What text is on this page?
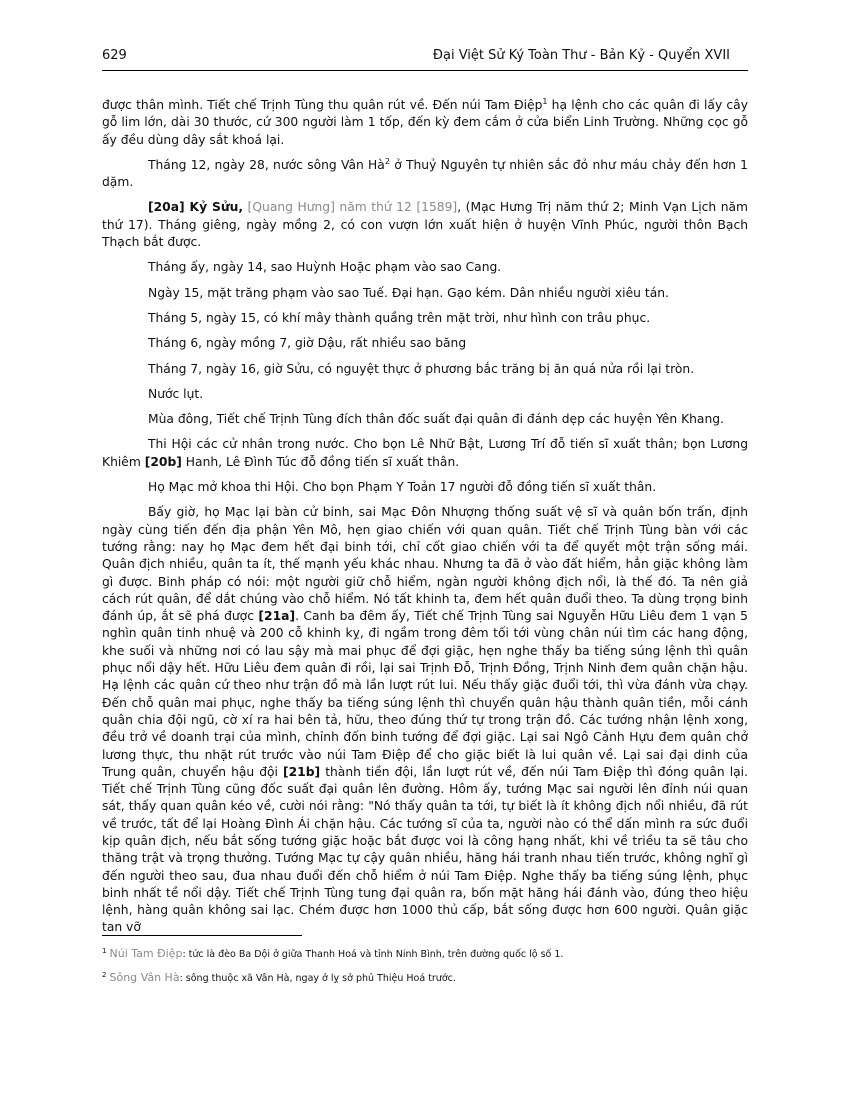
629	Đại Việt Sử Ký Toàn Thư - Bản Kỷ - Quyển XVII

được thân mình. Tiết chế Trịnh Tùng thu quân rút về. Đến núi Tam Điệp$^1$ hạ lệnh cho các quân đi lấy cây gỗ lim lớn, dài 30 thước, cứ 300 người làm 1 tốp, đến kỳ đem cắm ở cửa biển Linh Trường. Những cọc gỗ ấy đều dùng dây sắt khoá lại.

Tháng 12, ngày 28, nước sông Vân $Hà^2$ ở Thuỷ Nguyên tự nhiên sắc đỏ như máu chảy đến hơn 1 dặm.

[20a] Kỷ Sửu, [Quang Hưng] năm thứ 12 [1589], (Mạc Hưng Trị năm thứ 2; Minh Vạn Lịch năm thứ 17). Tháng giêng, ngày mồng 2, có con vượn lớn xuất hiện ở huyện Vĩnh Phúc, người thôn Bạch Thạch bắt được.

Tháng ấy, ngày 14, sao Huỳnh Hoặc phạm vào sao Cang.

Ngày 15, mặt trăng phạm vào sao Tuế. Đại hạn. Gạo kém. Dân nhiều người xiêu tán.

Tháng 5, ngày 15, có khí mây thành quầng trên mặt trời, như hình con trâu phục.

Tháng 6, ngày mồng 7, giờ Dậu, rất nhiều sao băng

Tháng 7, ngày 16, giờ Sửu, có nguyệt thực ở phương bắc trăng bị ăn quá nửa rồi lại tròn.

Nước lụt.

Mùa đông, Tiết chế Trịnh Tùng đích thân đốc suất đại quân đi đánh dẹp các huyện Yên Khang.

Thi Hội các cử nhân trong nước. Cho bọn Lê Nhữ Bật, Lương Trí đỗ tiến sĩ xuất thân; bọn Lương Khiêm [20b] Hanh, Lê Đình Túc đỗ đồng tiến sĩ xuất thân.

Họ Mạc mở khoa thi Hội. Cho bọn Phạm Y Toản 17 người đỗ đồng tiến sĩ xuất thân.

Bấy giờ, họ Mạc lại bàn cử binh, sai Mạc Đôn Nhượng thống suất vệ sĩ và quân bốn trấn, định ngày cùng tiến đến địa phận Yên Mô, hẹn giao chiến với quan quân. Tiết chế Trịnh Tùng bàn với các tướng rằng: nay họ Mạc đem hết đại binh tới, chỉ cốt giao chiến với ta để quyết một trận sống mái. Quân địch nhiều, quân ta ít, thế mạnh yếu khác nhau. Nhưng ta đã ở vào đất hiểm, hẳn giặc không làm gì được. Binh pháp có nói: một người giữ chỗ hiểm, ngàn người không địch nổi, là thế đó. Ta nên giả cách rút quân, để dắt chúng vào chỗ hiểm. Nó tất khinh ta, đem hết quân đuổi theo. Ta dùng trọng binh đánh úp, ắt sẽ phá được [21a]. Canh ba đêm ấy, Tiết chế Trịnh Tùng sai Nguyễn Hữu Liêu đem 1 vạn 5 nghìn quân tinh nhuệ và 200 cỗ khinh kỵ, đi ngầm trong đêm tối tới vùng chân núi tìm các hang động, khe suối và những nơi có lau sậy mà mai phục để đợi giặc, hẹn nghe thấy ba tiếng súng lệnh thì quân phục nổi dậy hết. Hữu Liêu đem quân đi rồi, lại sai Trịnh Đỗ, Trịnh Đồng, Trịnh Ninh đem quân chặn hậu. Hạ lệnh các quân cứ theo như trận đồ mà lần lượt rút lui. Nếu thấy giặc đuổi tới, thì vừa đánh vừa chạy. Đến chỗ quân mai phục, nghe thấy ba tiếng súng lệnh thì chuyển quân hậu thành quân tiền, mỗi cánh quân chia đội ngũ, cờ xí ra hai bên tả, hữu, theo đúng thứ tự trong trận đồ. Các tướng nhận lệnh xong, đều trở về doanh trại của mình, chỉnh đốn binh tướng để đợi giặc. Lại sai Ngô Cảnh Hựu đem quân chở lương thực, thu nhặt rút trước vào núi Tam Điệp để cho giặc biết là lui quân về. Lại sai đại dinh của Trung quân, chuyển hậu đội [21b] thành tiền đội, lần lượt rút về, đến núi Tam Điệp thì đóng quân lại. Tiết chế Trịnh Tùng cũng đốc suất đại quân lên đường. Hôm ấy, tướng Mạc sai người lên đỉnh núi quan sát, thấy quan quân kéo về, cười nói rằng: "Nó thấy quân ta tới, tự biết là ít không địch nổi nhiều, đã rút về trước, tất để lại Hoàng Đình Ái chặn hậu. Các tướng sĩ của ta, người nào có thể dấn mình ra sức đuổi kịp quân địch, nếu bắt sống tướng giặc hoặc bắt được voi là công hạng nhất, khi về triều ta sẽ tâu cho thăng trật và trọng thưởng. Tướng Mạc tự cậy quân nhiều, hăng hái tranh nhau tiến trước, không nghĩ gì đến người theo sau, đua nhau đuổi đến chỗ hiểm ở núi Tam Điệp. Nghe thấy ba tiếng súng lệnh, phục binh nhất tề nổi dậy. Tiết chế Trịnh Tùng tung đại quân ra, bốn mặt hăng hái đánh vào, đúng theo hiệu lệnh, hàng quân không sai lạc. Chém được hơn 1000 thủ cấp, bắt sống được hơn 600 người. Quân giặc tan vỡ

$^1$ Núi Tam Điệp: tức là đèo Ba Dội ở giữa Thanh Hoá và tỉnh Ninh Bình, trên đường quốc lộ số 1.
$^2$ Sông Vân Hà: sông thuộc xã Vân Hà, ngay ở lỵ sở phủ Thiệu Hoá trước.
